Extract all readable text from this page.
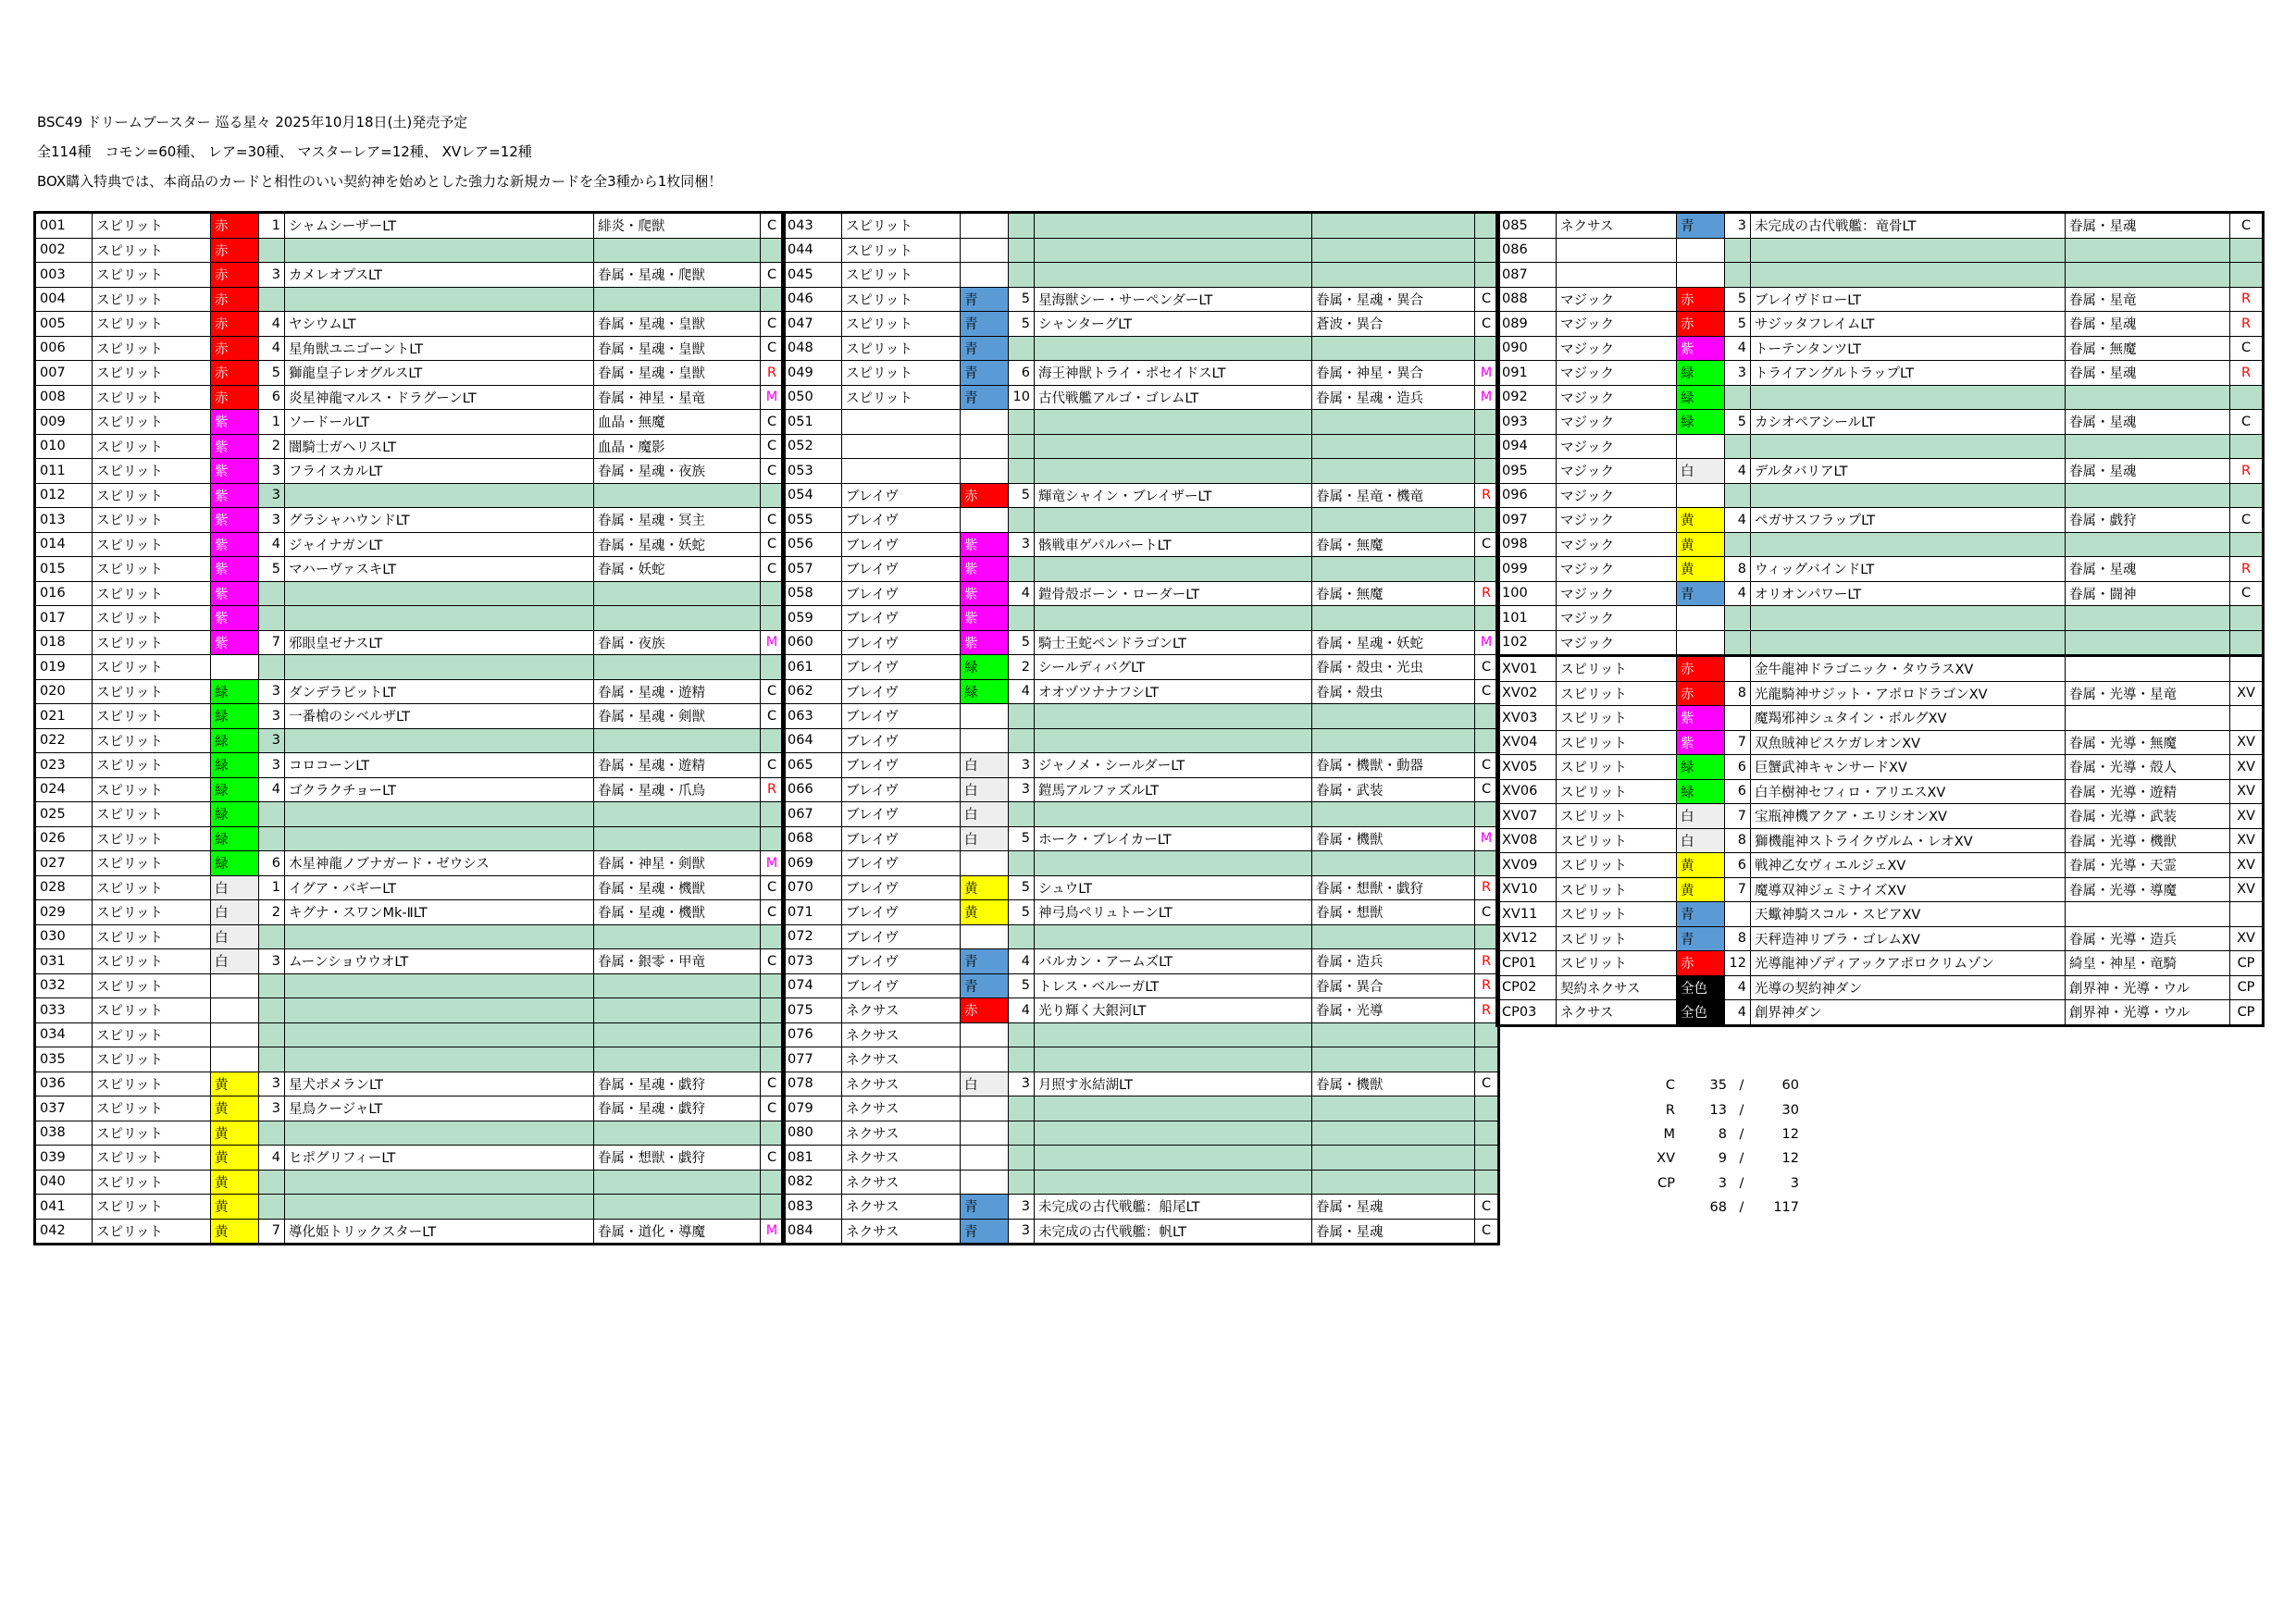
BSC49 ドリームブースター 巡る星々 2025年10月18日(土)発売予定
全114種　コモン=60種、 レア=30種、 マスターレア=12種、 XVレア=12種
BOX購入特典では、本商品のカードと相性のいい契約神を始めとした強力な新規カードを全3種から1枚同梱！
001	スピリット	赤	1	シャムシーザーLT	緋炎・爬獣	C
002	スピリット	赤				
003	スピリット	赤	3	カメレオプスLT	眷属・星魂・爬獣	C
004	スピリット	赤				
005	スピリット	赤	4	ヤシウムLT	眷属・星魂・皇獣	C
006	スピリット	赤	4	星角獣ユニゴーントLT	眷属・星魂・皇獣	C
007	スピリット	赤	5	獅龍皇子レオグルスLT	眷属・星魂・皇獣	R
008	スピリット	赤	6	炎星神龍マルス・ドラグーンLT	眷属・神星・星竜	M
009	スピリット	紫	1	ソードールLT	血晶・無魔	C
010	スピリット	紫	2	闇騎士ガヘリスLT	血晶・魔影	C
011	スピリット	紫	3	フライスカルLT	眷属・星魂・夜族	C
012	スピリット	紫	3			
013	スピリット	紫	3	グラシャハウンドLT	眷属・星魂・冥主	C
014	スピリット	紫	4	ジャイナガンLT	眷属・星魂・妖蛇	C
015	スピリット	紫	5	マハーヴァスキLT	眷属・妖蛇	C
016	スピリット	紫				
017	スピリット	紫				
018	スピリット	紫	7	邪眼皇ゼナスLT	眷属・夜族	M
019	スピリット					
020	スピリット	緑	3	ダンデラビットLT	眷属・星魂・遊精	C
021	スピリット	緑	3	一番槍のシベルザLT	眷属・星魂・剣獣	C
022	スピリット	緑	3			
023	スピリット	緑	3	コロコーンLT	眷属・星魂・遊精	C
024	スピリット	緑	4	ゴクラクチョーLT	眷属・星魂・爪鳥	R
025	スピリット	緑				
026	スピリット	緑				
027	スピリット	緑	6	木星神龍ノブナガード・ゼウシス	眷属・神星・剣獣	M
028	スピリット	白	1	イグア・バギーLT	眷属・星魂・機獣	C
029	スピリット	白	2	キグナ・スワンMk-ⅡLT	眷属・星魂・機獣	C
030	スピリット	白				
031	スピリット	白	3	ムーンショウウオLT	眷属・銀零・甲竜	C
032	スピリット					
033	スピリット					
034	スピリット					
035	スピリット					
036	スピリット	黄	3	星犬ポメランLT	眷属・星魂・戯狩	C
037	スピリット	黄	3	星鳥クージャLT	眷属・星魂・戯狩	C
038	スピリット	黄				
039	スピリット	黄	4	ヒポグリフィーLT	眷属・想獣・戯狩	C
040	スピリット	黄				
041	スピリット	黄				
042	スピリット	黄	7	導化姫トリックスターLT	眷属・道化・導魔	M
043	スピリット					
044	スピリット					
045	スピリット					
046	スピリット	青	5	星海獣シー・サーペンダーLT	眷属・星魂・異合	C
047	スピリット	青	5	シャンターグLT	蒼波・異合	C
048	スピリット	青				
049	スピリット	青	6	海王神獣トライ・ポセイドスLT	眷属・神星・異合	M
050	スピリット	青	10	古代戦艦アルゴ・ゴレムLT	眷属・星魂・造兵	M
051						
052						
053						
054	ブレイヴ	赤	5	輝竜シャイン・ブレイザーLT	眷属・星竜・機竜	R
055	ブレイヴ					
056	ブレイヴ	紫	3	骸戦車ゲパルバートLT	眷属・無魔	C
057	ブレイヴ	紫				
058	ブレイヴ	紫	4	鎧骨殻ボーン・ローダーLT	眷属・無魔	R
059	ブレイヴ	紫				
060	ブレイヴ	紫	5	騎士王蛇ペンドラゴンLT	眷属・星魂・妖蛇	M
061	ブレイヴ	緑	2	シールディバグLT	眷属・殻虫・光虫	C
062	ブレイヴ	緑	4	オオヅツナナフシLT	眷属・殻虫	C
063	ブレイヴ					
064	ブレイヴ					
065	ブレイヴ	白	3	ジャノメ・シールダーLT	眷属・機獣・動器	C
066	ブレイヴ	白	3	鎧馬アルファズルLT	眷属・武装	C
067	ブレイヴ	白				
068	ブレイヴ	白	5	ホーク・ブレイカーLT	眷属・機獣	M
069	ブレイヴ					
070	ブレイヴ	黄	5	シュウLT	眷属・想獣・戯狩	R
071	ブレイヴ	黄	5	神弓鳥ペリュトーンLT	眷属・想獣	C
072	ブレイヴ					
073	ブレイヴ	青	4	バルカン・アームズLT	眷属・造兵	R
074	ブレイヴ	青	5	トレス・ベルーガLT	眷属・異合	R
075	ネクサス	赤	4	光り輝く大銀河LT	眷属・光導	R
076	ネクサス					
077	ネクサス					
078	ネクサス	白	3	月照す氷結湖LT	眷属・機獣	C
079	ネクサス					
080	ネクサス					
081	ネクサス					
082	ネクサス					
083	ネクサス	青	3	未完成の古代戦艦：船尾LT	眷属・星魂	C
084	ネクサス	青	3	未完成の古代戦艦：帆LT	眷属・星魂	C
085	ネクサス	青	3	未完成の古代戦艦：竜骨LT	眷属・星魂	C
086						
087						
088	マジック	赤	5	ブレイヴドローLT	眷属・星竜	R
089	マジック	赤	5	サジッタフレイムLT	眷属・星魂	R
090	マジック	紫	4	トーテンタンツLT	眷属・無魔	C
091	マジック	緑	3	トライアングルトラップLT	眷属・星魂	R
092	マジック	緑				
093	マジック	緑	5	カシオペアシールLT	眷属・星魂	C
094	マジック					
095	マジック	白	4	デルタバリアLT	眷属・星魂	R
096	マジック					
097	マジック	黄	4	ペガサスフラップLT	眷属・戯狩	C
098	マジック	黄				
099	マジック	黄	8	ウィッグバインドLT	眷属・星魂	R
100	マジック	青	4	オリオンパワーLT	眷属・闘神	C
101	マジック					
102	マジック					
XV01	スピリット	赤		金牛龍神ドラゴニック・タウラスXV		
XV02	スピリット	赤	8	光龍騎神サジット・アポロドラゴンXV	眷属・光導・星竜	XV
XV03	スピリット	紫		魔羯邪神シュタイン・ボルグXV		
XV04	スピリット	紫	7	双魚賊神ピスケガレオンXV	眷属・光導・無魔	XV
XV05	スピリット	緑	6	巨蟹武神キャンサードXV	眷属・光導・殻人	XV
XV06	スピリット	緑	6	白羊樹神セフィロ・アリエスXV	眷属・光導・遊精	XV
XV07	スピリット	白	7	宝瓶神機アクア・エリシオンXV	眷属・光導・武装	XV
XV08	スピリット	白	8	獅機龍神ストライクヴルム・レオXV	眷属・光導・機獣	XV
XV09	スピリット	黄	6	戦神乙女ヴィエルジェXV	眷属・光導・天霊	XV
XV10	スピリット	黄	7	魔導双神ジェミナイズXV	眷属・光導・導魔	XV
XV11	スピリット	青		天蠍神騎スコル・スピアXV		
XV12	スピリット	青	8	天秤造神リブラ・ゴレムXV	眷属・光導・造兵	XV
CP01	スピリット	赤	12	光導龍神ゾディアックアポロクリムゾン	綺皇・神星・竜騎	CP
CP02	契約ネクサス	全色	4	光導の契約神ダン	創界神・光導・ウル	CP
CP03	ネクサス	全色	4	創界神ダン	創界神・光導・ウル	CP
C	35	/	60
R	13	/	30
M	8	/	12
XV	9	/	12
CP	3	/	3
	68	/	117
